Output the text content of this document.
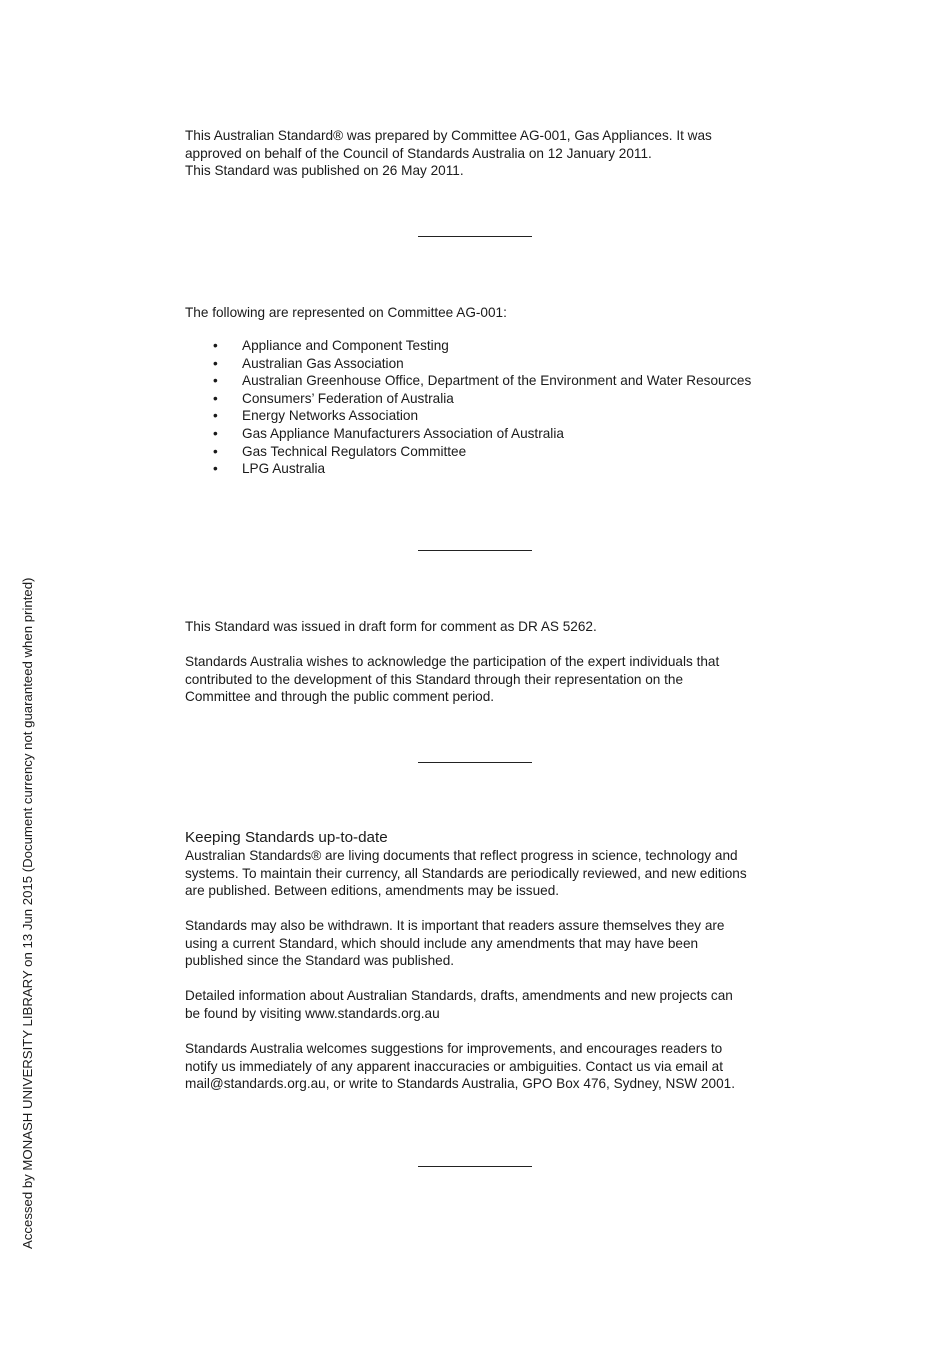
This Australian Standard® was prepared by Committee AG-001, Gas Appliances. It was

approved on behalf of the Council of Standards Australia on 12 January 2011.

This Standard was published on 26 May 2011.

The following are represented on Committee AG-001:

• Appliance and Component Testing
• Australian Gas Association
• Australian Greenhouse Office, Department of the Environment and Water Resources
• Consumers’ Federation of Australia
• Energy Networks Association
• Gas Appliance Manufacturers Association of Australia
• Gas Technical Regulators Committee
• LPG Australia

This Standard was issued in draft form for comment as DR AS 5262.

Standards Australia wishes to acknowledge the participation of the expert individuals that

contributed to the development of this Standard through their representation on the

Committee and through the public comment period.

Keeping Standards up-to-date

Australian Standards® are living documents that reflect progress in science, technology and

systems. To maintain their currency, all Standards are periodically reviewed, and new editions

are published. Between editions, amendments may be issued.

Standards may also be withdrawn. It is important that readers assure themselves they are

using a current Standard, which should include any amendments that may have been

published since the Standard was published.

Detailed information about Australian Standards, drafts, amendments and new projects can

be found by visiting www.standards.org.au

Standards Australia welcomes suggestions for improvements, and encourages readers to

notify us immediately of any apparent inaccuracies or ambiguities. Contact us via email at

mail@standards.org.au, or write to Standards Australia, GPO Box 476, Sydney, NSW 2001.

Accessed by MONASH UNIVERSITY LIBRARY on 13 Jun 2015 (Document currency not guaranteed when printed)
